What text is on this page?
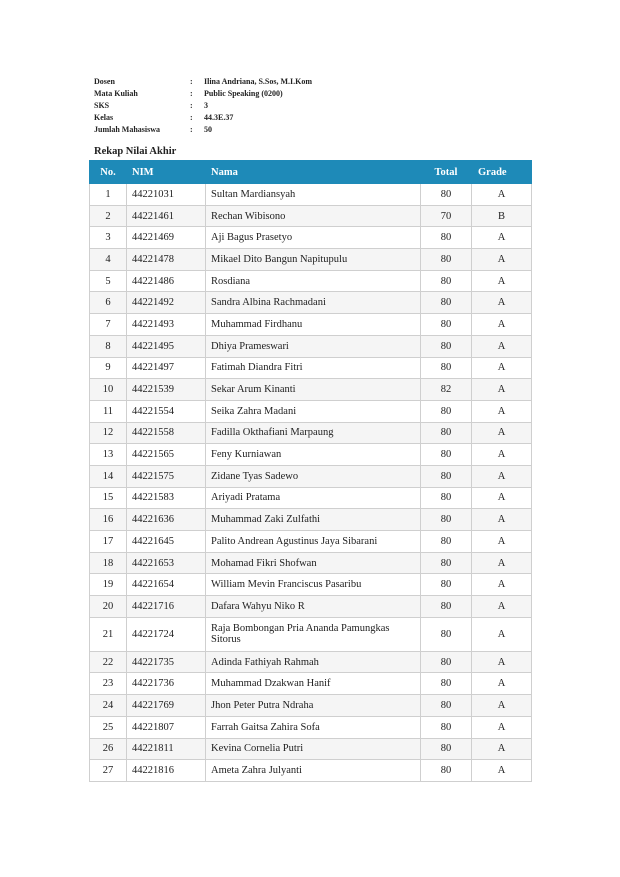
Dosen	:	Ilina Andriana, S.Sos, M.I.Kom
Mata Kuliah	:	Public Speaking (0200)
SKS	:	3
Kelas	:	44.3E.37
Jumlah Mahasiswa	:	50
Rekap Nilai Akhir
No.	NIM	Nama	Total	Grade
1	44221031	Sultan Mardiansyah	80	A
2	44221461	Rechan Wibisono	70	B
3	44221469	Aji Bagus Prasetyo	80	A
4	44221478	Mikael Dito Bangun Napitupulu	80	A
5	44221486	Rosdiana	80	A
6	44221492	Sandra Albina Rachmadani	80	A
7	44221493	Muhammad Firdhanu	80	A
8	44221495	Dhiya Prameswari	80	A
9	44221497	Fatimah Diandra Fitri	80	A
10	44221539	Sekar Arum Kinanti	82	A
11	44221554	Seika Zahra Madani	80	A
12	44221558	Fadilla Okthafiani Marpaung	80	A
13	44221565	Feny Kurniawan	80	A
14	44221575	Zidane Tyas Sadewo	80	A
15	44221583	Ariyadi Pratama	80	A
16	44221636	Muhammad Zaki Zulfathi	80	A
17	44221645	Palito Andrean Agustinus Jaya Sibarani	80	A
18	44221653	Mohamad Fikri Shofwan	80	A
19	44221654	William Mevin Franciscus Pasaribu	80	A
20	44221716	Dafara Wahyu Niko R	80	A
21	44221724	Raja Bombongan Pria Ananda Pamungkas Sitorus	80	A
22	44221735	Adinda Fathiyah Rahmah	80	A
23	44221736	Muhammad Dzakwan Hanif	80	A
24	44221769	Jhon Peter Putra Ndraha	80	A
25	44221807	Farrah Gaitsa Zahira Sofa	80	A
26	44221811	Kevina Cornelia Putri	80	A
27	44221816	Ameta Zahra Julyanti	80	A
